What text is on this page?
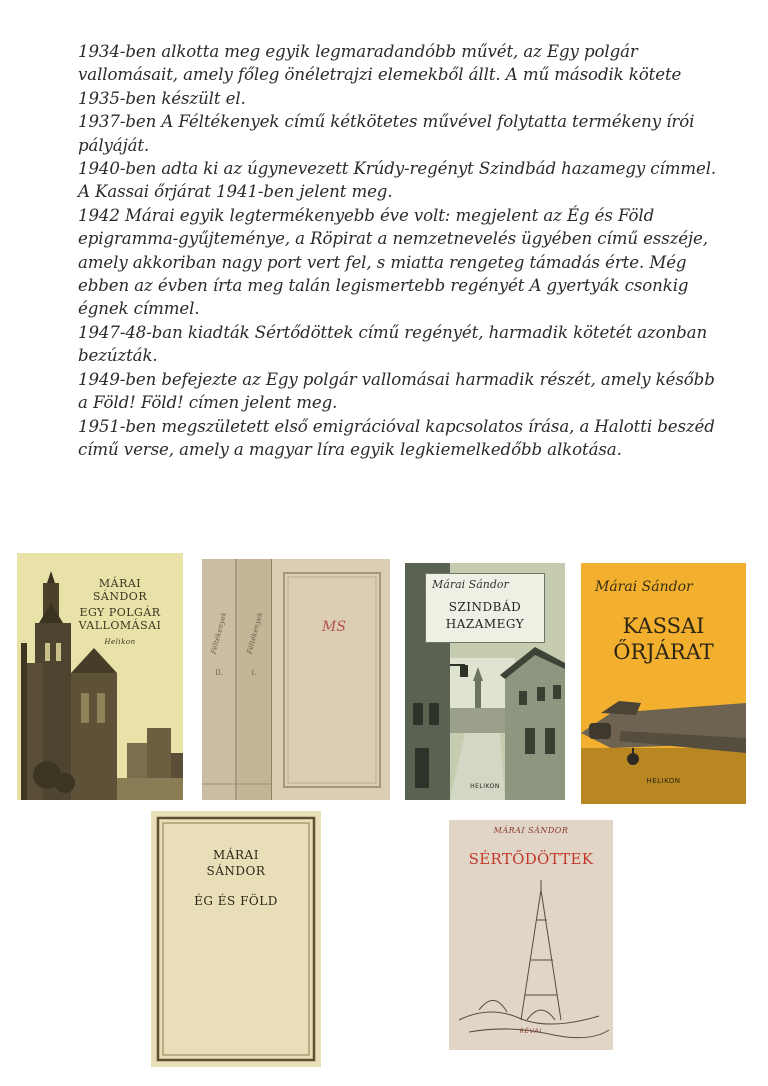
1934-ben alkotta meg egyik legmaradandóbb művét, az Egy polgár vallomásait, amely főleg önéletrajzi elemekből állt. A mű második kötete 1935-ben készült el.

1937-ben A Féltékenyek című kétkötetes művével folytatta termékeny írói pályáját.

1940-ben adta ki az úgynevezett Krúdy-regényt Szindbád hazamegy címmel.

A Kassai őrjárat 1941-ben jelent meg.

1942 Márai egyik legtermékenyebb éve volt: megjelent az Ég és Föld epigramma-gyűjteménye, a Röpirat a nemzetnevelés ügyében című esszéje, amely akkoriban nagy port vert fel, s miatta rengeteg támadás érte. Még ebben az évben írta meg talán legismertebb regényét A gyertyák csonkig égnek címmel.

1947-48-ban kiadták Sértődöttek című regényét, harmadik kötetét azonban bezúzták.

1949-ben befejezte az Egy polgár vallomásai harmadik részét, amely később a Föld! Föld! címen jelent meg.

1951-ben megszületett első emigrációval kapcsolatos írása, a Halotti beszéd című verse, amely a magyar líra egyik legkiemelkedőbb alkotása.

MÁRAI
SÁNDOR
EGY POLGÁR
VALLOMÁSAI
Helikon	Féltékenyek
II.
Féltékenyek
I.
MS
Márai Sándor
SZINDBÁD
HAZAMEGY
HELIKON
Márai Sándor
KASSAI
ŐRJÁRAT
HELIKON
MÁRAI
SÁNDOR
ÉG ÉS FÖLD
MÁRAI SÁNDOR
SÉRTŐDÖTTEK
RÉVAI
